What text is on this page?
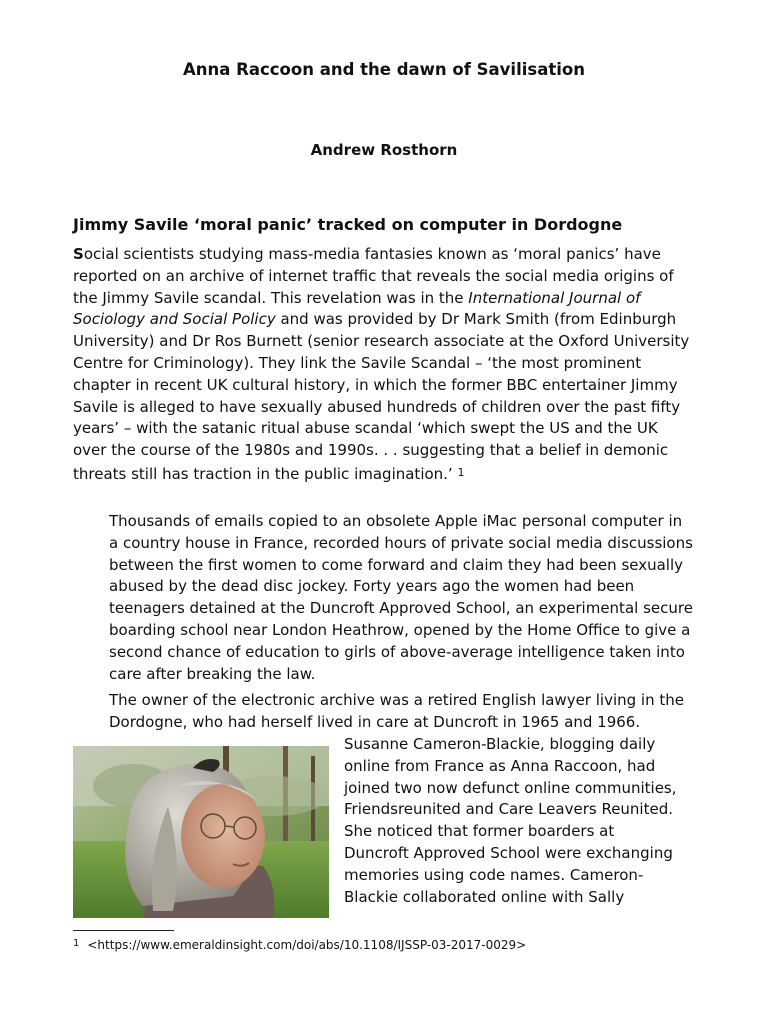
Anna Raccoon and the dawn of Savilisation
Andrew Rosthorn
Jimmy Savile ‘moral panic’ tracked on computer in Dordogne

Social scientists studying mass-media fantasies known as ‘moral panics’ have reported on an archive of internet traffic that reveals the social media origins of the Jimmy Savile scandal. This revelation was in the International Journal of Sociology and Social Policy and was provided by Dr Mark Smith (from Edinburgh University) and Dr Ros Burnett (senior research associate at the Oxford University Centre for Criminology). They link the Savile Scandal – ‘the most prominent chapter in recent UK cultural history, in which the former BBC entertainer Jimmy Savile is alleged to have sexually abused hundreds of children over the past fifty years’ – with the satanic ritual abuse scandal ‘which swept the US and the UK over the course of the 1980s and 1990s. . . suggesting that a belief in demonic threats still has traction in the public imagination.’ $^1$

Thousands of emails copied to an obsolete Apple iMac personal computer in a country house in France, recorded hours of private social media discussions between the first women to come forward and claim they had been sexually abused by the dead disc jockey. Forty years ago the women had been teenagers detained at the Duncroft Approved School, an experimental secure boarding school near London Heathrow, opened by the Home Office to give a second chance of education to girls of above-average intelligence taken into care after breaking the law.

The owner of the electronic archive was a retired English lawyer living in the Dordogne, who had herself lived in care at Duncroft in 1965 and 1966.

Susanne Cameron-Blackie, blogging daily
online from France as Anna Raccoon, had
joined two now defunct online communities,
Friendsreunited and Care Leavers Reunited.
She noticed that former boarders at
Duncroft Approved School were exchanging
memories using code names. Cameron-
Blackie collaborated online with Sally
$^1$ <https://www.emeraldinsight.com/doi/abs/10.1108/IJSSP-03-2017-0029>
